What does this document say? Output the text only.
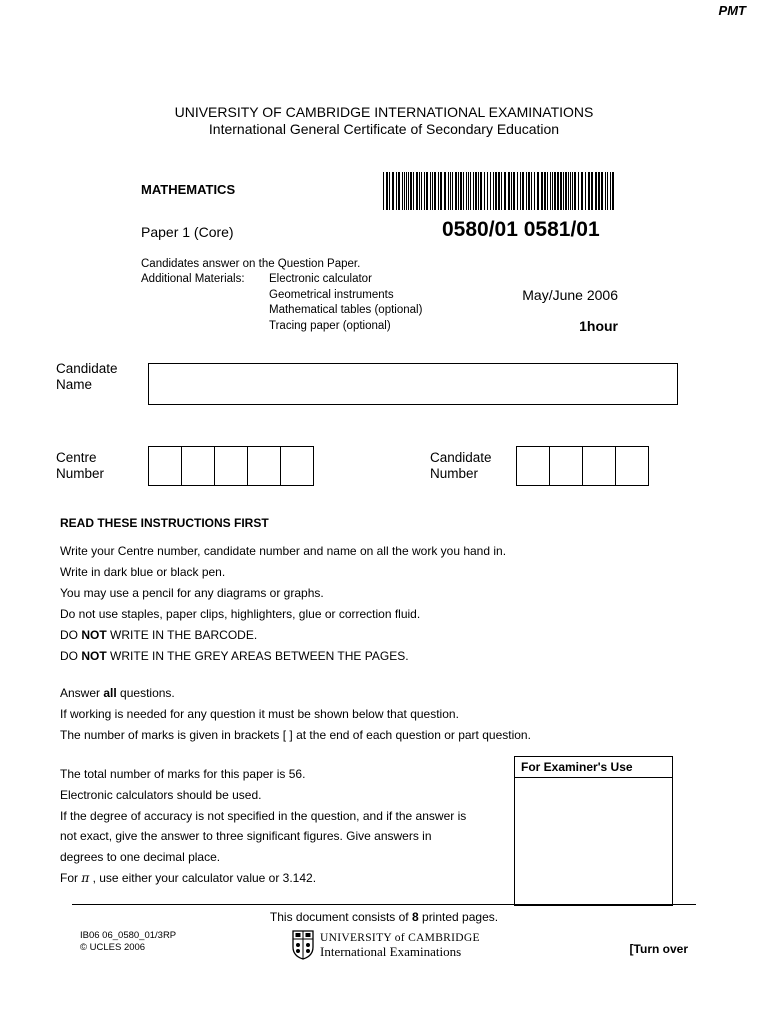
PMT
UNIVERSITY OF CAMBRIDGE INTERNATIONAL EXAMINATIONS
International General Certificate of Secondary Education
MATHEMATICS
Paper 1 (Core)	0580/01 0581/01
Candidates answer on the Question Paper.
Additional Materials: Electronic calculator
Geometrical instruments
Mathematical tables (optional)
Tracing paper (optional)
May/June 2006
1hour
Candidate
Name
Centre
Number
Candidate
Number
READ THESE INSTRUCTIONS FIRST
Write your Centre number, candidate number and name on all the work you hand in.
Write in dark blue or black pen.
You may use a pencil for any diagrams or graphs.
Do not use staples, paper clips, highlighters, glue or correction fluid.
DO NOT WRITE IN THE BARCODE.
DO NOT WRITE IN THE GREY AREAS BETWEEN THE PAGES.
Answer all questions.
If working is needed for any question it must be shown below that question.
The number of marks is given in brackets [ ] at the end of each question or part question.
The total number of marks for this paper is 56.
Electronic calculators should be used.
If the degree of accuracy is not specified in the question, and if the answer is
not exact, give the answer to three significant figures. Give answers in
degrees to one decimal place.
For π , use either your calculator value or 3.142.
For Examiner's Use
This document consists of 8 printed pages.
IB06 06_0580_01/3RP
© UCLES 2006
UNIVERSITY of CAMBRIDGE
International Examinations	[Turn over
